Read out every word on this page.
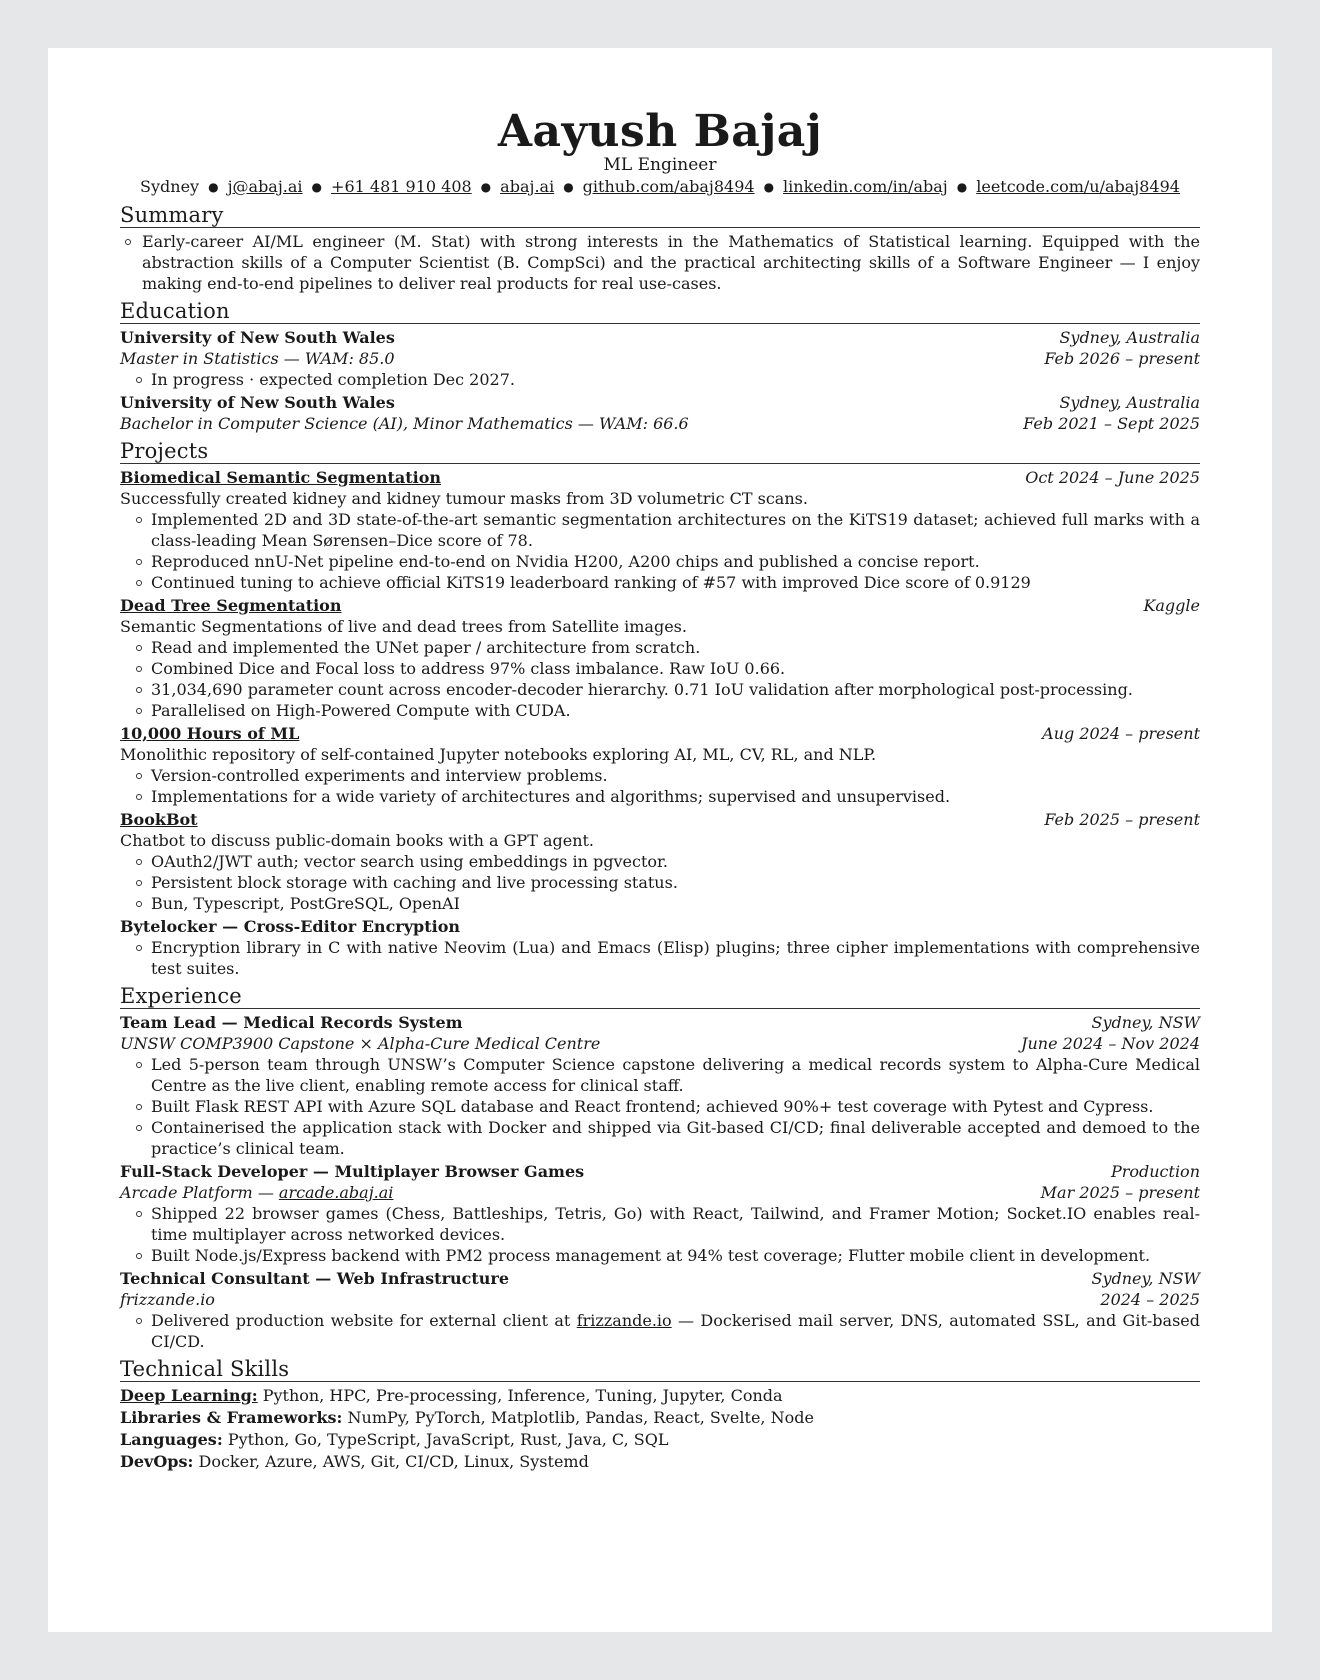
Aayush Bajaj
ML Engineer
Sydney ● j@abaj.ai ● +61 481 910 408 ● abaj.ai ● github.com/abaj8494 ● linkedin.com/in/abaj ● leetcode.com/u/abaj8494
Summary
Early-career AI/ML engineer (M. Stat) with strong interests in the Mathematics of Statistical learning. Equipped with the abstraction skills of a Computer Scientist (B. CompSci) and the practical architecting skills of a Software Engineer — I enjoy making end-to-end pipelines to deliver real products for real use-cases.
Education
University of New South Wales	Sydney, Australia
Master in Statistics — WAM: 85.0	Feb 2026 – present
In progress · expected completion Dec 2027.
University of New South Wales	Sydney, Australia
Bachelor in Computer Science (AI), Minor Mathematics — WAM: 66.6	Feb 2021 – Sept 2025
Projects
Biomedical Semantic Segmentation	Oct 2024 – June 2025
Successfully created kidney and kidney tumour masks from 3D volumetric CT scans.
Implemented 2D and 3D state-of-the-art semantic segmentation architectures on the KiTS19 dataset; achieved full marks with a class-leading Mean Sørensen–Dice score of 78.
Reproduced nnU-Net pipeline end-to-end on Nvidia H200, A200 chips and published a concise report.
Continued tuning to achieve official KiTS19 leaderboard ranking of #57 with improved Dice score of 0.9129
Dead Tree Segmentation	Kaggle
Semantic Segmentations of live and dead trees from Satellite images.
Read and implemented the UNet paper / architecture from scratch.
Combined Dice and Focal loss to address 97% class imbalance. Raw IoU 0.66.
31,034,690 parameter count across encoder-decoder hierarchy. 0.71 IoU validation after morphological post-processing.
Parallelised on High-Powered Compute with CUDA.
10,000 Hours of ML	Aug 2024 – present
Monolithic repository of self-contained Jupyter notebooks exploring AI, ML, CV, RL, and NLP.
Version-controlled experiments and interview problems.
Implementations for a wide variety of architectures and algorithms; supervised and unsupervised.
BookBot	Feb 2025 – present
Chatbot to discuss public-domain books with a GPT agent.
OAuth2/JWT auth; vector search using embeddings in pgvector.
Persistent block storage with caching and live processing status.
Bun, Typescript, PostGreSQL, OpenAI
Bytelocker — Cross-Editor Encryption
Encryption library in C with native Neovim (Lua) and Emacs (Elisp) plugins; three cipher implementations with comprehensive test suites.
Experience
Team Lead — Medical Records System	Sydney, NSW
UNSW COMP3900 Capstone × Alpha-Cure Medical Centre	June 2024 – Nov 2024
Led 5-person team through UNSW’s Computer Science capstone delivering a medical records system to Alpha-Cure Medical Centre as the live client, enabling remote access for clinical staff.
Built Flask REST API with Azure SQL database and React frontend; achieved 90%+ test coverage with Pytest and Cypress.
Containerised the application stack with Docker and shipped via Git-based CI/CD; final deliverable accepted and demoed to the practice’s clinical team.
Full-Stack Developer — Multiplayer Browser Games	Production
Arcade Platform — arcade.abaj.ai	Mar 2025 – present
Shipped 22 browser games (Chess, Battleships, Tetris, Go) with React, Tailwind, and Framer Motion; Socket.IO enables real-time multiplayer across networked devices.
Built Node.js/Express backend with PM2 process management at 94% test coverage; Flutter mobile client in development.
Technical Consultant — Web Infrastructure	Sydney, NSW
frizzande.io	2024 – 2025
Delivered production website for external client at frizzande.io — Dockerised mail server, DNS, automated SSL, and Git-based CI/CD.
Technical Skills
Deep Learning: Python, HPC, Pre-processing, Inference, Tuning, Jupyter, Conda
Libraries & Frameworks: NumPy, PyTorch, Matplotlib, Pandas, React, Svelte, Node
Languages: Python, Go, TypeScript, JavaScript, Rust, Java, C, SQL
DevOps: Docker, Azure, AWS, Git, CI/CD, Linux, Systemd
